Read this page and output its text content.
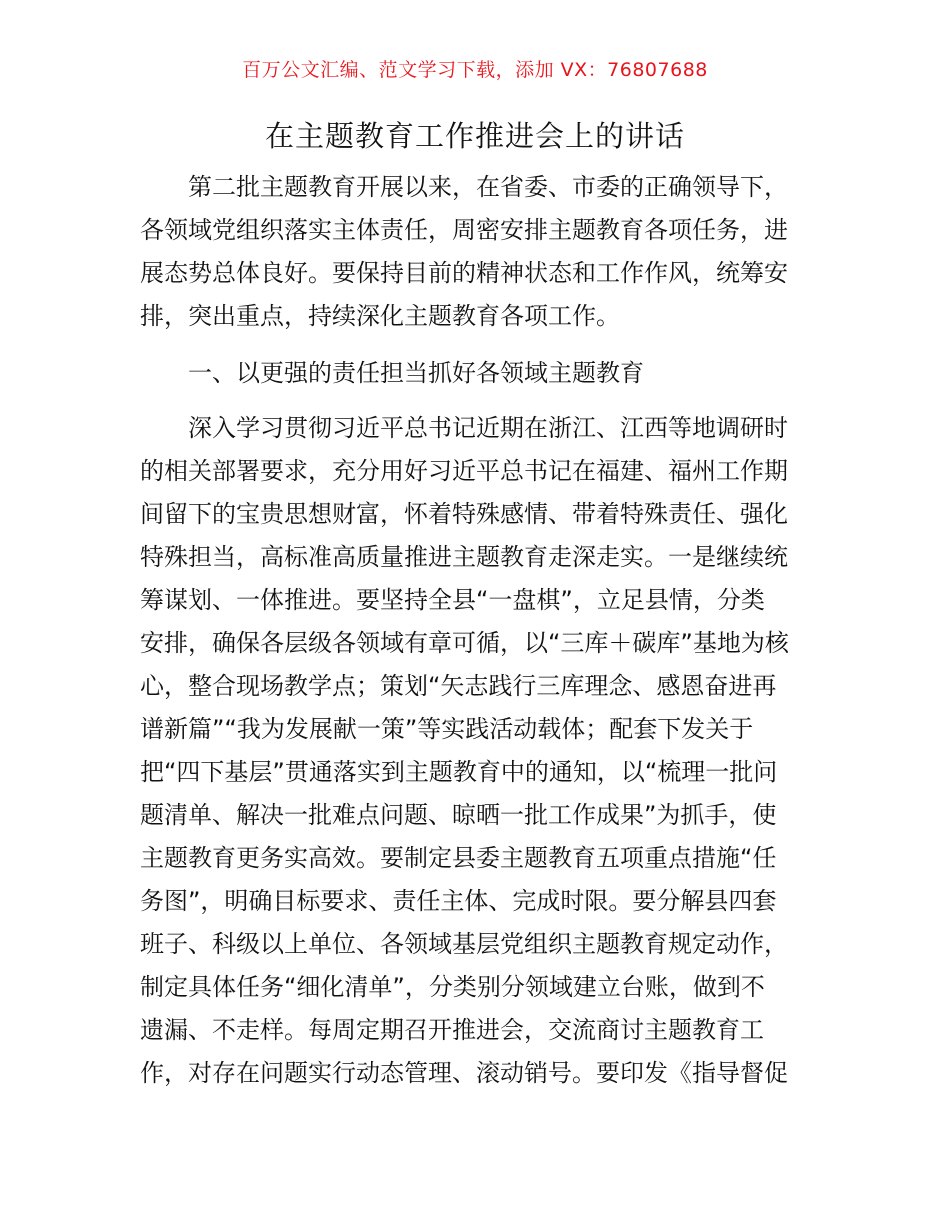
百万公文汇编、范文学习下载，添加 VX：76807688
在主题教育工作推进会上的讲话
第二批主题教育开展以来，在省委、市委的正确领导下，
各领域党组织落实主体责任，周密安排主题教育各项任务，进
展态势总体良好。要保持目前的精神状态和工作作风，统筹安
排，突出重点，持续深化主题教育各项工作。
一、以更强的责任担当抓好各领域主题教育
深入学习贯彻习近平总书记近期在浙江、江西等地调研时
的相关部署要求，充分用好习近平总书记在福建、福州工作期
间留下的宝贵思想财富，怀着特殊感情、带着特殊责任、强化
特殊担当，高标准高质量推进主题教育走深走实。一是继续统
筹谋划、一体推进。要坚持全县“一盘棋”，立足县情，分类
安排，确保各层级各领域有章可循，以“三库＋碳库”基地为核
心，整合现场教学点；策划“矢志践行三库理念、感恩奋进再
谱新篇”“我为发展献一策”等实践活动载体；配套下发关于
把“四下基层”贯通落实到主题教育中的通知，以“梳理一批问
题清单、解决一批难点问题、晾晒一批工作成果”为抓手，使
主题教育更务实高效。要制定县委主题教育五项重点措施“任
务图”，明确目标要求、责任主体、完成时限。要分解县四套
班子、科级以上单位、各领域基层党组织主题教育规定动作，
制定具体任务“细化清单”，分类别分领域建立台账，做到不
遗漏、不走样。每周定期召开推进会，交流商讨主题教育工
作，对存在问题实行动态管理、滚动销号。要印发《指导督促
